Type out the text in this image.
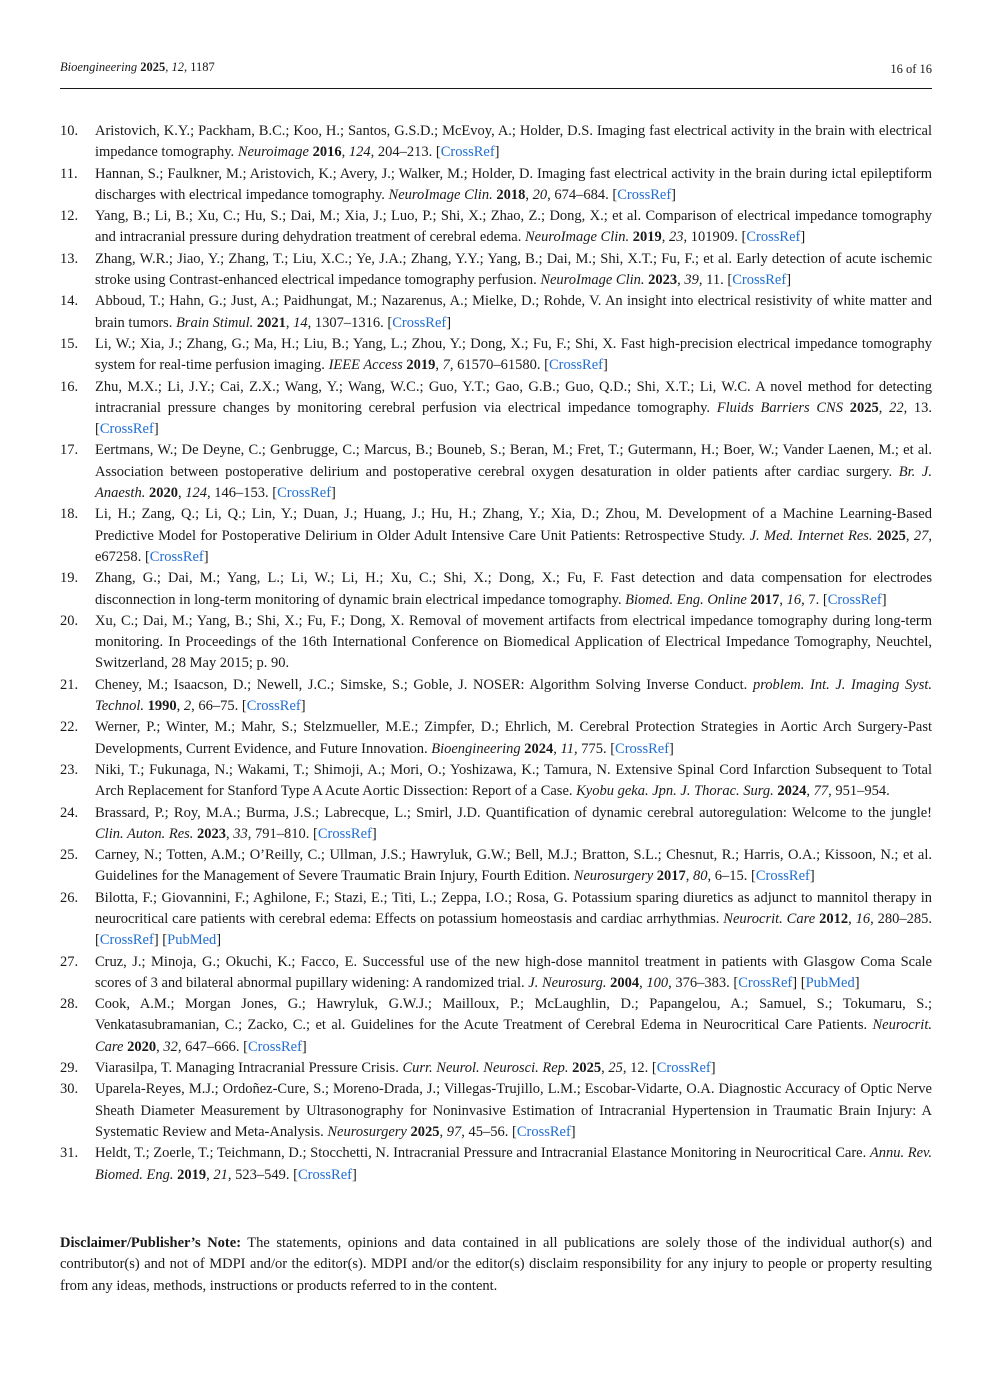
Bioengineering 2025, 12, 1187	16 of 16
10. Aristovich, K.Y.; Packham, B.C.; Koo, H.; Santos, G.S.D.; McEvoy, A.; Holder, D.S. Imaging fast electrical activity in the brain with electrical impedance tomography. Neuroimage 2016, 124, 204–213. [CrossRef]
11. Hannan, S.; Faulkner, M.; Aristovich, K.; Avery, J.; Walker, M.; Holder, D. Imaging fast electrical activity in the brain during ictal epileptiform discharges with electrical impedance tomography. NeuroImage Clin. 2018, 20, 674–684. [CrossRef]
12. Yang, B.; Li, B.; Xu, C.; Hu, S.; Dai, M.; Xia, J.; Luo, P.; Shi, X.; Zhao, Z.; Dong, X.; et al. Comparison of electrical impedance tomography and intracranial pressure during dehydration treatment of cerebral edema. NeuroImage Clin. 2019, 23, 101909. [CrossRef]
13. Zhang, W.R.; Jiao, Y.; Zhang, T.; Liu, X.C.; Ye, J.A.; Zhang, Y.Y.; Yang, B.; Dai, M.; Shi, X.T.; Fu, F.; et al. Early detection of acute ischemic stroke using Contrast-enhanced electrical impedance tomography perfusion. NeuroImage Clin. 2023, 39, 11. [CrossRef]
14. Abboud, T.; Hahn, G.; Just, A.; Paidhungat, M.; Nazarenus, A.; Mielke, D.; Rohde, V. An insight into electrical resistivity of white matter and brain tumors. Brain Stimul. 2021, 14, 1307–1316. [CrossRef]
15. Li, W.; Xia, J.; Zhang, G.; Ma, H.; Liu, B.; Yang, L.; Zhou, Y.; Dong, X.; Fu, F.; Shi, X. Fast high-precision electrical impedance tomography system for real-time perfusion imaging. IEEE Access 2019, 7, 61570–61580. [CrossRef]
16. Zhu, M.X.; Li, J.Y.; Cai, Z.X.; Wang, Y.; Wang, W.C.; Guo, Y.T.; Gao, G.B.; Guo, Q.D.; Shi, X.T.; Li, W.C. A novel method for detecting intracranial pressure changes by monitoring cerebral perfusion via electrical impedance tomography. Fluids Barriers CNS 2025, 22, 13. [CrossRef]
17. Eertmans, W.; De Deyne, C.; Genbrugge, C.; Marcus, B.; Bouneb, S.; Beran, M.; Fret, T.; Gutermann, H.; Boer, W.; Vander Laenen, M.; et al. Association between postoperative delirium and postoperative cerebral oxygen desaturation in older patients after cardiac surgery. Br. J. Anaesth. 2020, 124, 146–153. [CrossRef]
18. Li, H.; Zang, Q.; Li, Q.; Lin, Y.; Duan, J.; Huang, J.; Hu, H.; Zhang, Y.; Xia, D.; Zhou, M. Development of a Machine Learning-Based Predictive Model for Postoperative Delirium in Older Adult Intensive Care Unit Patients: Retrospective Study. J. Med. Internet Res. 2025, 27, e67258. [CrossRef]
19. Zhang, G.; Dai, M.; Yang, L.; Li, W.; Li, H.; Xu, C.; Shi, X.; Dong, X.; Fu, F. Fast detection and data compensation for electrodes disconnection in long-term monitoring of dynamic brain electrical impedance tomography. Biomed. Eng. Online 2017, 16, 7. [CrossRef]
20. Xu, C.; Dai, M.; Yang, B.; Shi, X.; Fu, F.; Dong, X. Removal of movement artifacts from electrical impedance tomography during long-term monitoring. In Proceedings of the 16th International Conference on Biomedical Application of Electrical Impedance Tomography, Neuchtel, Switzerland, 28 May 2015; p. 90.
21. Cheney, M.; Isaacson, D.; Newell, J.C.; Simske, S.; Goble, J. NOSER: Algorithm Solving Inverse Conduct. problem. Int. J. Imaging Syst. Technol. 1990, 2, 66–75. [CrossRef]
22. Werner, P.; Winter, M.; Mahr, S.; Stelzmueller, M.E.; Zimpfer, D.; Ehrlich, M. Cerebral Protection Strategies in Aortic Arch Surgery-Past Developments, Current Evidence, and Future Innovation. Bioengineering 2024, 11, 775. [CrossRef]
23. Niki, T.; Fukunaga, N.; Wakami, T.; Shimoji, A.; Mori, O.; Yoshizawa, K.; Tamura, N. Extensive Spinal Cord Infarction Subsequent to Total Arch Replacement for Stanford Type A Acute Aortic Dissection: Report of a Case. Kyobu geka. Jpn. J. Thorac. Surg. 2024, 77, 951–954.
24. Brassard, P.; Roy, M.A.; Burma, J.S.; Labrecque, L.; Smirl, J.D. Quantification of dynamic cerebral autoregulation: Welcome to the jungle! Clin. Auton. Res. 2023, 33, 791–810. [CrossRef]
25. Carney, N.; Totten, A.M.; O’Reilly, C.; Ullman, J.S.; Hawryluk, G.W.; Bell, M.J.; Bratton, S.L.; Chesnut, R.; Harris, O.A.; Kissoon, N.; et al. Guidelines for the Management of Severe Traumatic Brain Injury, Fourth Edition. Neurosurgery 2017, 80, 6–15. [CrossRef]
26. Bilotta, F.; Giovannini, F.; Aghilone, F.; Stazi, E.; Titi, L.; Zeppa, I.O.; Rosa, G. Potassium sparing diuretics as adjunct to mannitol therapy in neurocritical care patients with cerebral edema: Effects on potassium homeostasis and cardiac arrhythmias. Neurocrit. Care 2012, 16, 280–285. [CrossRef] [PubMed]
27. Cruz, J.; Minoja, G.; Okuchi, K.; Facco, E. Successful use of the new high-dose mannitol treatment in patients with Glasgow Coma Scale scores of 3 and bilateral abnormal pupillary widening: A randomized trial. J. Neurosurg. 2004, 100, 376–383. [CrossRef] [PubMed]
28. Cook, A.M.; Morgan Jones, G.; Hawryluk, G.W.J.; Mailloux, P.; McLaughlin, D.; Papangelou, A.; Samuel, S.; Tokumaru, S.; Venkatasubramanian, C.; Zacko, C.; et al. Guidelines for the Acute Treatment of Cerebral Edema in Neurocritical Care Patients. Neurocrit. Care 2020, 32, 647–666. [CrossRef]
29. Viarasilpa, T. Managing Intracranial Pressure Crisis. Curr. Neurol. Neurosci. Rep. 2025, 25, 12. [CrossRef]
30. Uparela-Reyes, M.J.; Ordoñez-Cure, S.; Moreno-Drada, J.; Villegas-Trujillo, L.M.; Escobar-Vidarte, O.A. Diagnostic Accuracy of Optic Nerve Sheath Diameter Measurement by Ultrasonography for Noninvasive Estimation of Intracranial Hypertension in Traumatic Brain Injury: A Systematic Review and Meta-Analysis. Neurosurgery 2025, 97, 45–56. [CrossRef]
31. Heldt, T.; Zoerle, T.; Teichmann, D.; Stocchetti, N. Intracranial Pressure and Intracranial Elastance Monitoring in Neurocritical Care. Annu. Rev. Biomed. Eng. 2019, 21, 523–549. [CrossRef]

Disclaimer/Publisher’s Note: The statements, opinions and data contained in all publications are solely those of the individual author(s) and contributor(s) and not of MDPI and/or the editor(s). MDPI and/or the editor(s) disclaim responsibility for any injury to people or property resulting from any ideas, methods, instructions or products referred to in the content.
